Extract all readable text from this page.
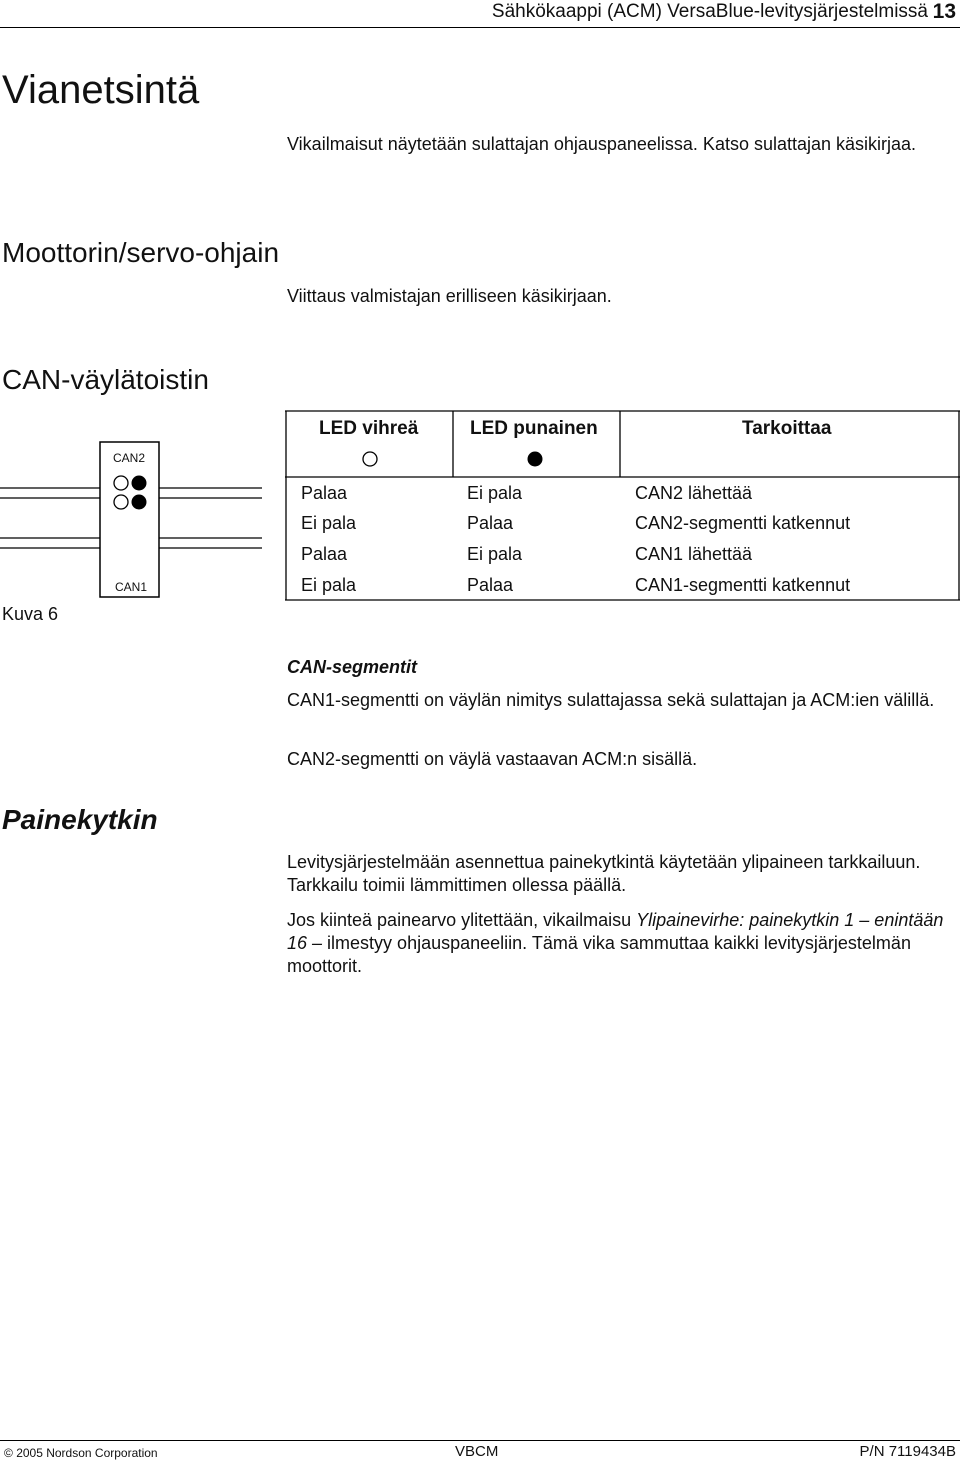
Sähkökaappi (ACM) VersaBlue-levitysjärjestelmissä 13
Vianetsintä
Vikailmaisut näytetään sulattajan ohjauspaneelissa. Katso sulattajan käsikirjaa.
Moottorin/servo-ohjain
Viittaus valmistajan erilliseen käsikirjaan.
CAN-väylätoistin
CAN2
CAN1
Kuva 6
LED vihreä	LED punainen	Tarkoittaa
Palaa	Ei pala	CAN2 lähettää
Ei pala	Palaa	CAN2-segmentti katkennut
Palaa	Ei pala	CAN1 lähettää
Ei pala	Palaa	CAN1-segmentti katkennut
CAN-segmentit
CAN1-segmentti on väylän nimitys sulattajassa sekä sulattajan ja ACM:ien välillä.
CAN2-segmentti on väylä vastaavan ACM:n sisällä.
Painekytkin
Levitysjärjestelmään asennettua painekytkintä käytetään ylipaineen tarkkailuun. Tarkkailu toimii lämmittimen ollessa päällä.
Jos kiinteä painearvo ylitettään, vikailmaisu Ylipainevirhe: painekytkin 1 – enintään 16 – ilmestyy ohjauspaneeliin. Tämä vika sammuttaa kaikki levitysjärjestelmän moottorit.
© 2005 Nordson Corporation	VBCM	P/N 7119434B
